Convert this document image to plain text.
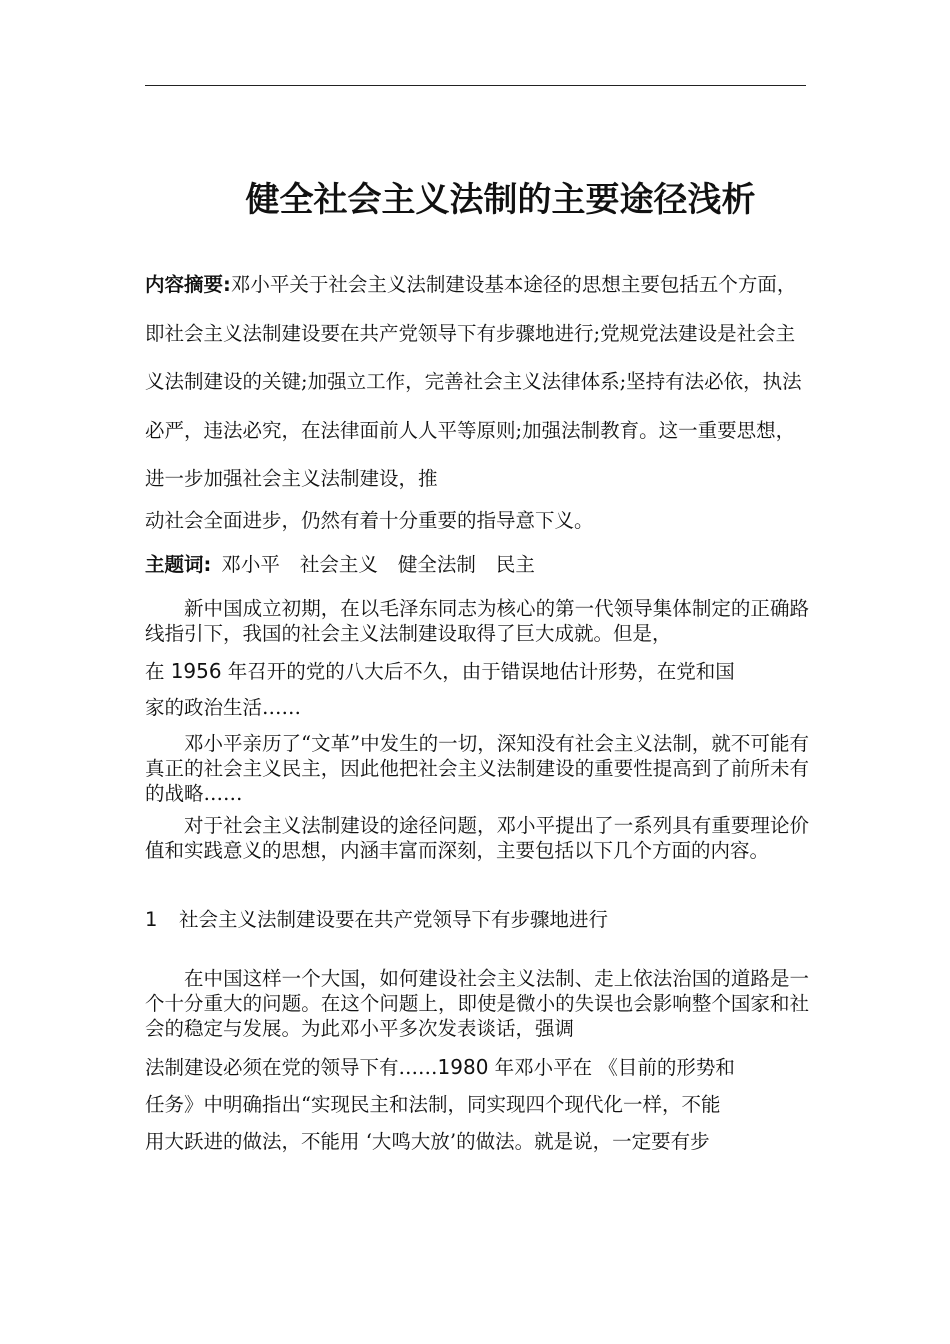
健全社会主义法制的主要途径浅析

内容摘要:邓小平关于社会主义法制建设基本途径的思想主要包括五个方面，即社会主义法制建设要在共产党领导下有步骤地进行;党规党法建设是社会主义法制建设的关键;加强立工作，完善社会主义法律体系;坚持有法必依，执法必严，违法必究，在法律面前人人平等原则;加强法制教育。这一重要思想，进一步加强社会主义法制建设，推

动社会全面进步，仍然有着十分重要的指导意下义。

主题词: 邓小平 社会主义 健全法制 民主

新中国成立初期，在以毛泽东同志为核心的第一代领导集体制定的正确路线指引下，我国的社会主义法制建设取得了巨大成就。但是，

在 1956 年召开的党的八大后不久，由于错误地估计形势，在党和国

家的政治生活……

邓小平亲历了“文革”中发生的一切，深知没有社会主义法制，就不可能有真正的社会主义民主，因此他把社会主义法制建设的重要性提高到了前所未有的战略……

对于社会主义法制建设的途径问题，邓小平提出了一系列具有重要理论价值和实践意义的思想，内涵丰富而深刻，主要包括以下几个方面的内容。

1 社会主义法制建设要在共产党领导下有步骤地进行

在中国这样一个大国，如何建设社会主义法制、走上依法治国的道路是一个十分重大的问题。在这个问题上，即使是微小的失误也会影响整个国家和社会的稳定与发展。为此邓小平多次发表谈话，强调

法制建设必须在党的领导下有……1980 年邓小平在 《目前的形势和

任务》中明确指出“实现民主和法制，同实现四个现代化一样，不能

用大跃进的做法，不能用 ‘大鸣大放’的做法。就是说，一定要有步
